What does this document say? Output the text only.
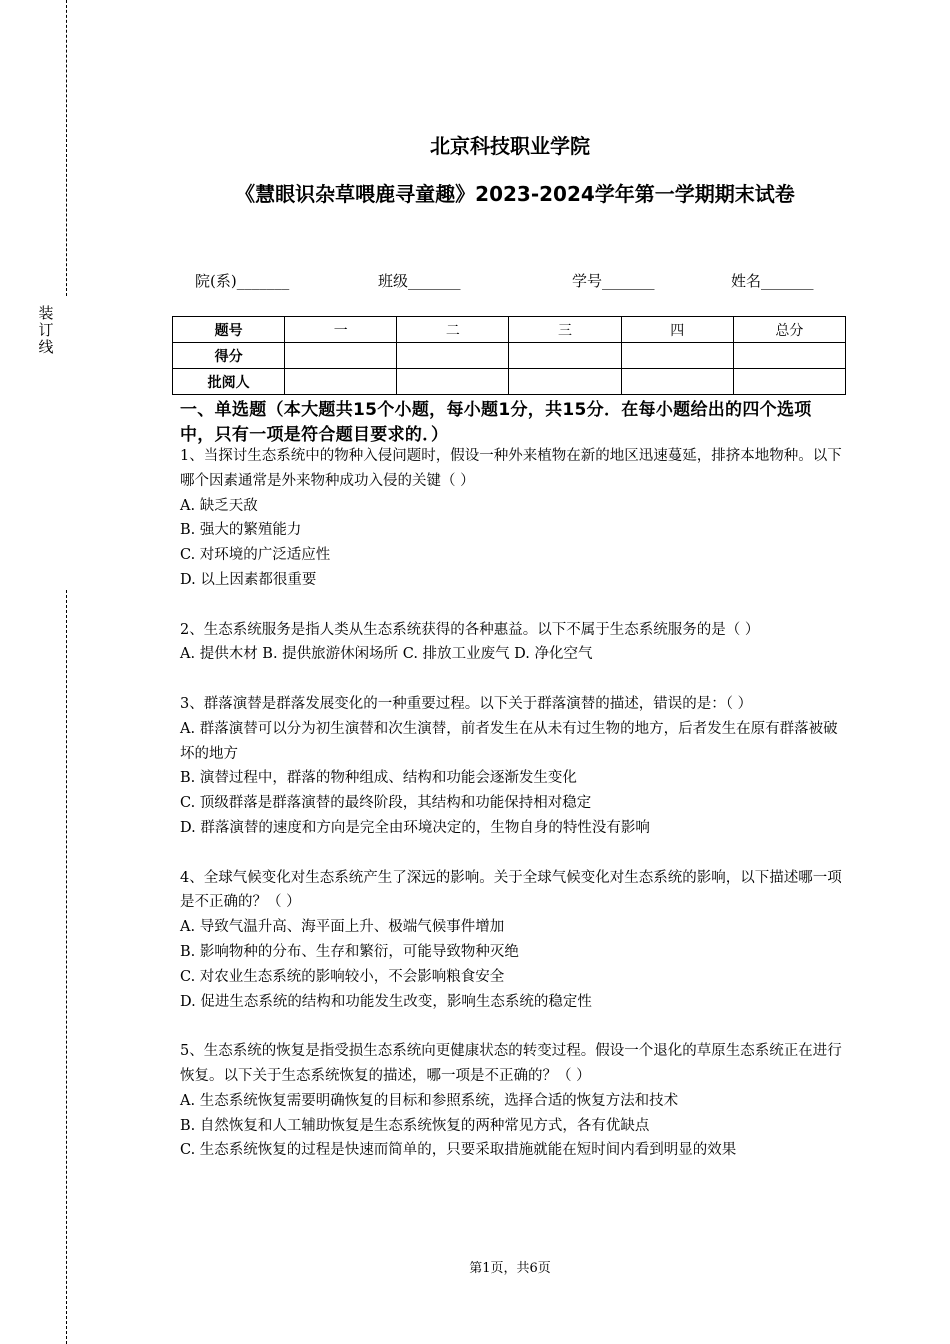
装
订
线
北京科技职业学院
《慧眼识杂草喂鹿寻童趣》2023-2024学年第一学期期末试卷
院(系)_______	班级_______	学号_______	姓名_______
题号	一	二	三	四	总分
得分					
批阅人					
一、单选题（本大题共15个小题，每小题1分，共15分．在每小题给出的四个选项中，只有一项是符合题目要求的．）

1、当探讨生态系统中的物种入侵问题时，假设一种外来植物在新的地区迅速蔓延，排挤本地物种。以下哪个因素通常是外来物种成功入侵的关键（ ）

A. 缺乏天敌

B. 强大的繁殖能力

C. 对环境的广泛适应性

D. 以上因素都很重要

2、生态系统服务是指人类从生态系统获得的各种惠益。以下不属于生态系统服务的是（ ）

A. 提供木材 B. 提供旅游休闲场所 C. 排放工业废气 D. 净化空气

3、群落演替是群落发展变化的一种重要过程。以下关于群落演替的描述，错误的是：（ ）

A. 群落演替可以分为初生演替和次生演替，前者发生在从未有过生物的地方，后者发生在原有群落被破坏的地方

B. 演替过程中，群落的物种组成、结构和功能会逐渐发生变化

C. 顶级群落是群落演替的最终阶段，其结构和功能保持相对稳定

D. 群落演替的速度和方向是完全由环境决定的，生物自身的特性没有影响

4、全球气候变化对生态系统产生了深远的影响。关于全球气候变化对生态系统的影响，以下描述哪一项是不正确的？（ ）

A. 导致气温升高、海平面上升、极端气候事件增加

B. 影响物种的分布、生存和繁衍，可能导致物种灭绝

C. 对农业生态系统的影响较小，不会影响粮食安全

D. 促进生态系统的结构和功能发生改变，影响生态系统的稳定性

5、生态系统的恢复是指受损生态系统向更健康状态的转变过程。假设一个退化的草原生态系统正在进行恢复。以下关于生态系统恢复的描述，哪一项是不正确的？（ ）

A. 生态系统恢复需要明确恢复的目标和参照系统，选择合适的恢复方法和技术

B. 自然恢复和人工辅助恢复是生态系统恢复的两种常见方式，各有优缺点

C. 生态系统恢复的过程是快速而简单的，只要采取措施就能在短时间内看到明显的效果

第1页，共6页
